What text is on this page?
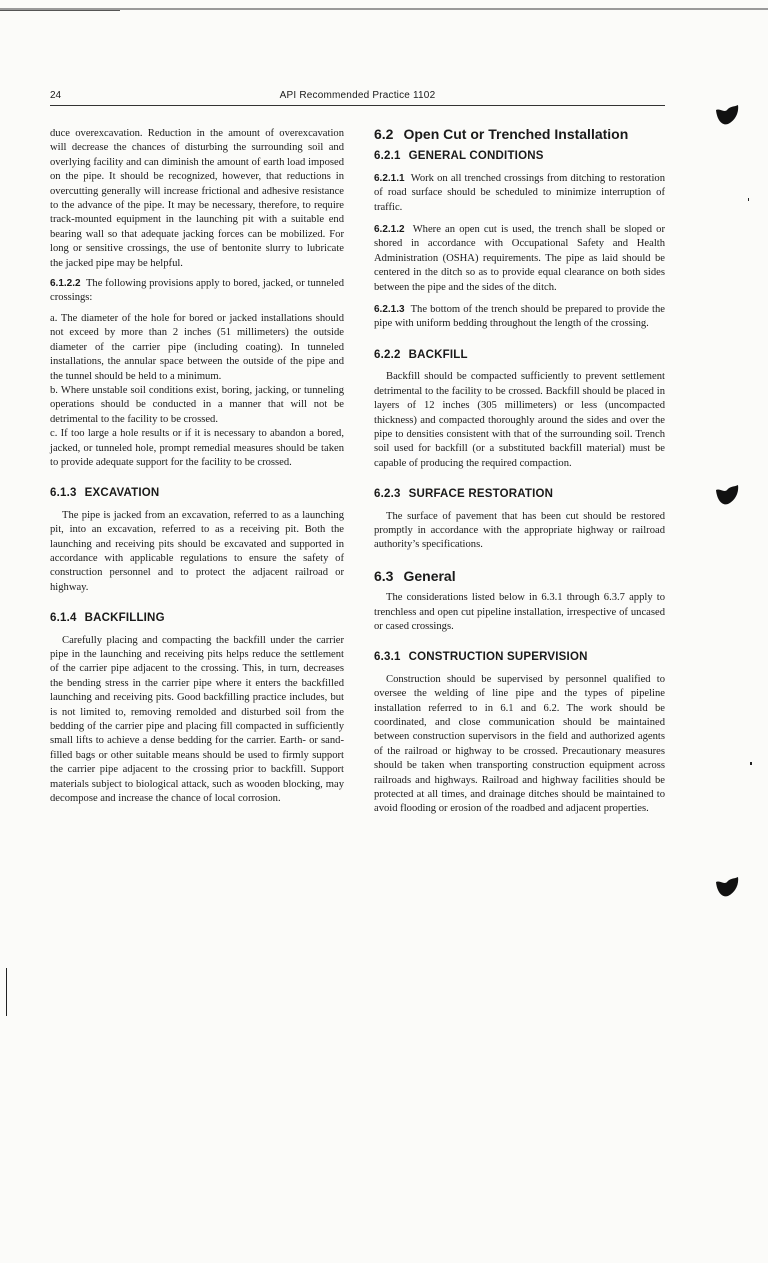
24	API Recommended Practice 1102

duce overexcavation. Reduction in the amount of overexcavation will decrease the chances of disturbing the surrounding soil and overlying facility and can diminish the amount of earth load imposed on the pipe. It should be recognized, however, that reductions in overcutting generally will increase frictional and adhesive resistance to the advance of the pipe. It may be necessary, therefore, to require track-mounted equipment in the launching pit with a suitable end bearing wall so that adequate jacking forces can be mobilized. For long or sensitive crossings, the use of bentonite slurry to lubricate the jacked pipe may be helpful.

6.1.2.2 The following provisions apply to bored, jacked, or tunneled crossings:

a. The diameter of the hole for bored or jacked installations should not exceed by more than 2 inches (51 millimeters) the outside diameter of the carrier pipe (including coating). In tunneled installations, the annular space between the outside of the pipe and the tunnel should be held to a minimum.

b. Where unstable soil conditions exist, boring, jacking, or tunneling operations should be conducted in a manner that will not be detrimental to the facility to be crossed.

c. If too large a hole results or if it is necessary to abandon a bored, jacked, or tunneled hole, prompt remedial measures should be taken to provide adequate support for the facility to be crossed.

6.1.3 EXCAVATION

The pipe is jacked from an excavation, referred to as a launching pit, into an excavation, referred to as a receiving pit. Both the launching and receiving pits should be excavated and supported in accordance with applicable regulations to ensure the safety of construction personnel and to protect the adjacent railroad or highway.

6.1.4 BACKFILLING

Carefully placing and compacting the backfill under the carrier pipe in the launching and receiving pits helps reduce the settlement of the carrier pipe adjacent to the crossing. This, in turn, decreases the bending stress in the carrier pipe where it enters the backfilled launching and receiving pits. Good backfilling practice includes, but is not limited to, removing remolded and disturbed soil from the bedding of the carrier pipe and placing fill compacted in sufficiently small lifts to achieve a dense bedding for the carrier. Earth- or sand-filled bags or other suitable means should be used to firmly support the carrier pipe adjacent to the crossing prior to backfill. Support materials subject to biological attack, such as wooden blocking, may decompose and increase the chance of local corrosion.

6.2 Open Cut or Trenched Installation
6.2.1 GENERAL CONDITIONS

6.2.1.1 Work on all trenched crossings from ditching to restoration of road surface should be scheduled to minimize interruption of traffic.

6.2.1.2 Where an open cut is used, the trench shall be sloped or shored in accordance with Occupational Safety and Health Administration (OSHA) requirements. The pipe as laid should be centered in the ditch so as to provide equal clearance on both sides between the pipe and the sides of the ditch.

6.2.1.3 The bottom of the trench should be prepared to provide the pipe with uniform bedding throughout the length of the crossing.

6.2.2 BACKFILL

Backfill should be compacted sufficiently to prevent settlement detrimental to the facility to be crossed. Backfill should be placed in layers of 12 inches (305 millimeters) or less (uncompacted thickness) and compacted thoroughly around the sides and over the pipe to densities consistent with that of the surrounding soil. Trench soil used for backfill (or a substituted backfill material) must be capable of producing the required compaction.

6.2.3 SURFACE RESTORATION

The surface of pavement that has been cut should be restored promptly in accordance with the appropriate highway or railroad authority’s specifications.

6.3 General

The considerations listed below in 6.3.1 through 6.3.7 apply to trenchless and open cut pipeline installation, irrespective of uncased or cased crossings.

6.3.1 CONSTRUCTION SUPERVISION

Construction should be supervised by personnel qualified to oversee the welding of line pipe and the types of pipeline installation referred to in 6.1 and 6.2. The work should be coordinated, and close communication should be maintained between construction supervisors in the field and authorized agents of the railroad or highway to be crossed. Precautionary measures should be taken when transporting construction equipment across railroads and highways. Railroad and highway facilities should be protected at all times, and drainage ditches should be maintained to avoid flooding or erosion of the roadbed and adjacent properties.
